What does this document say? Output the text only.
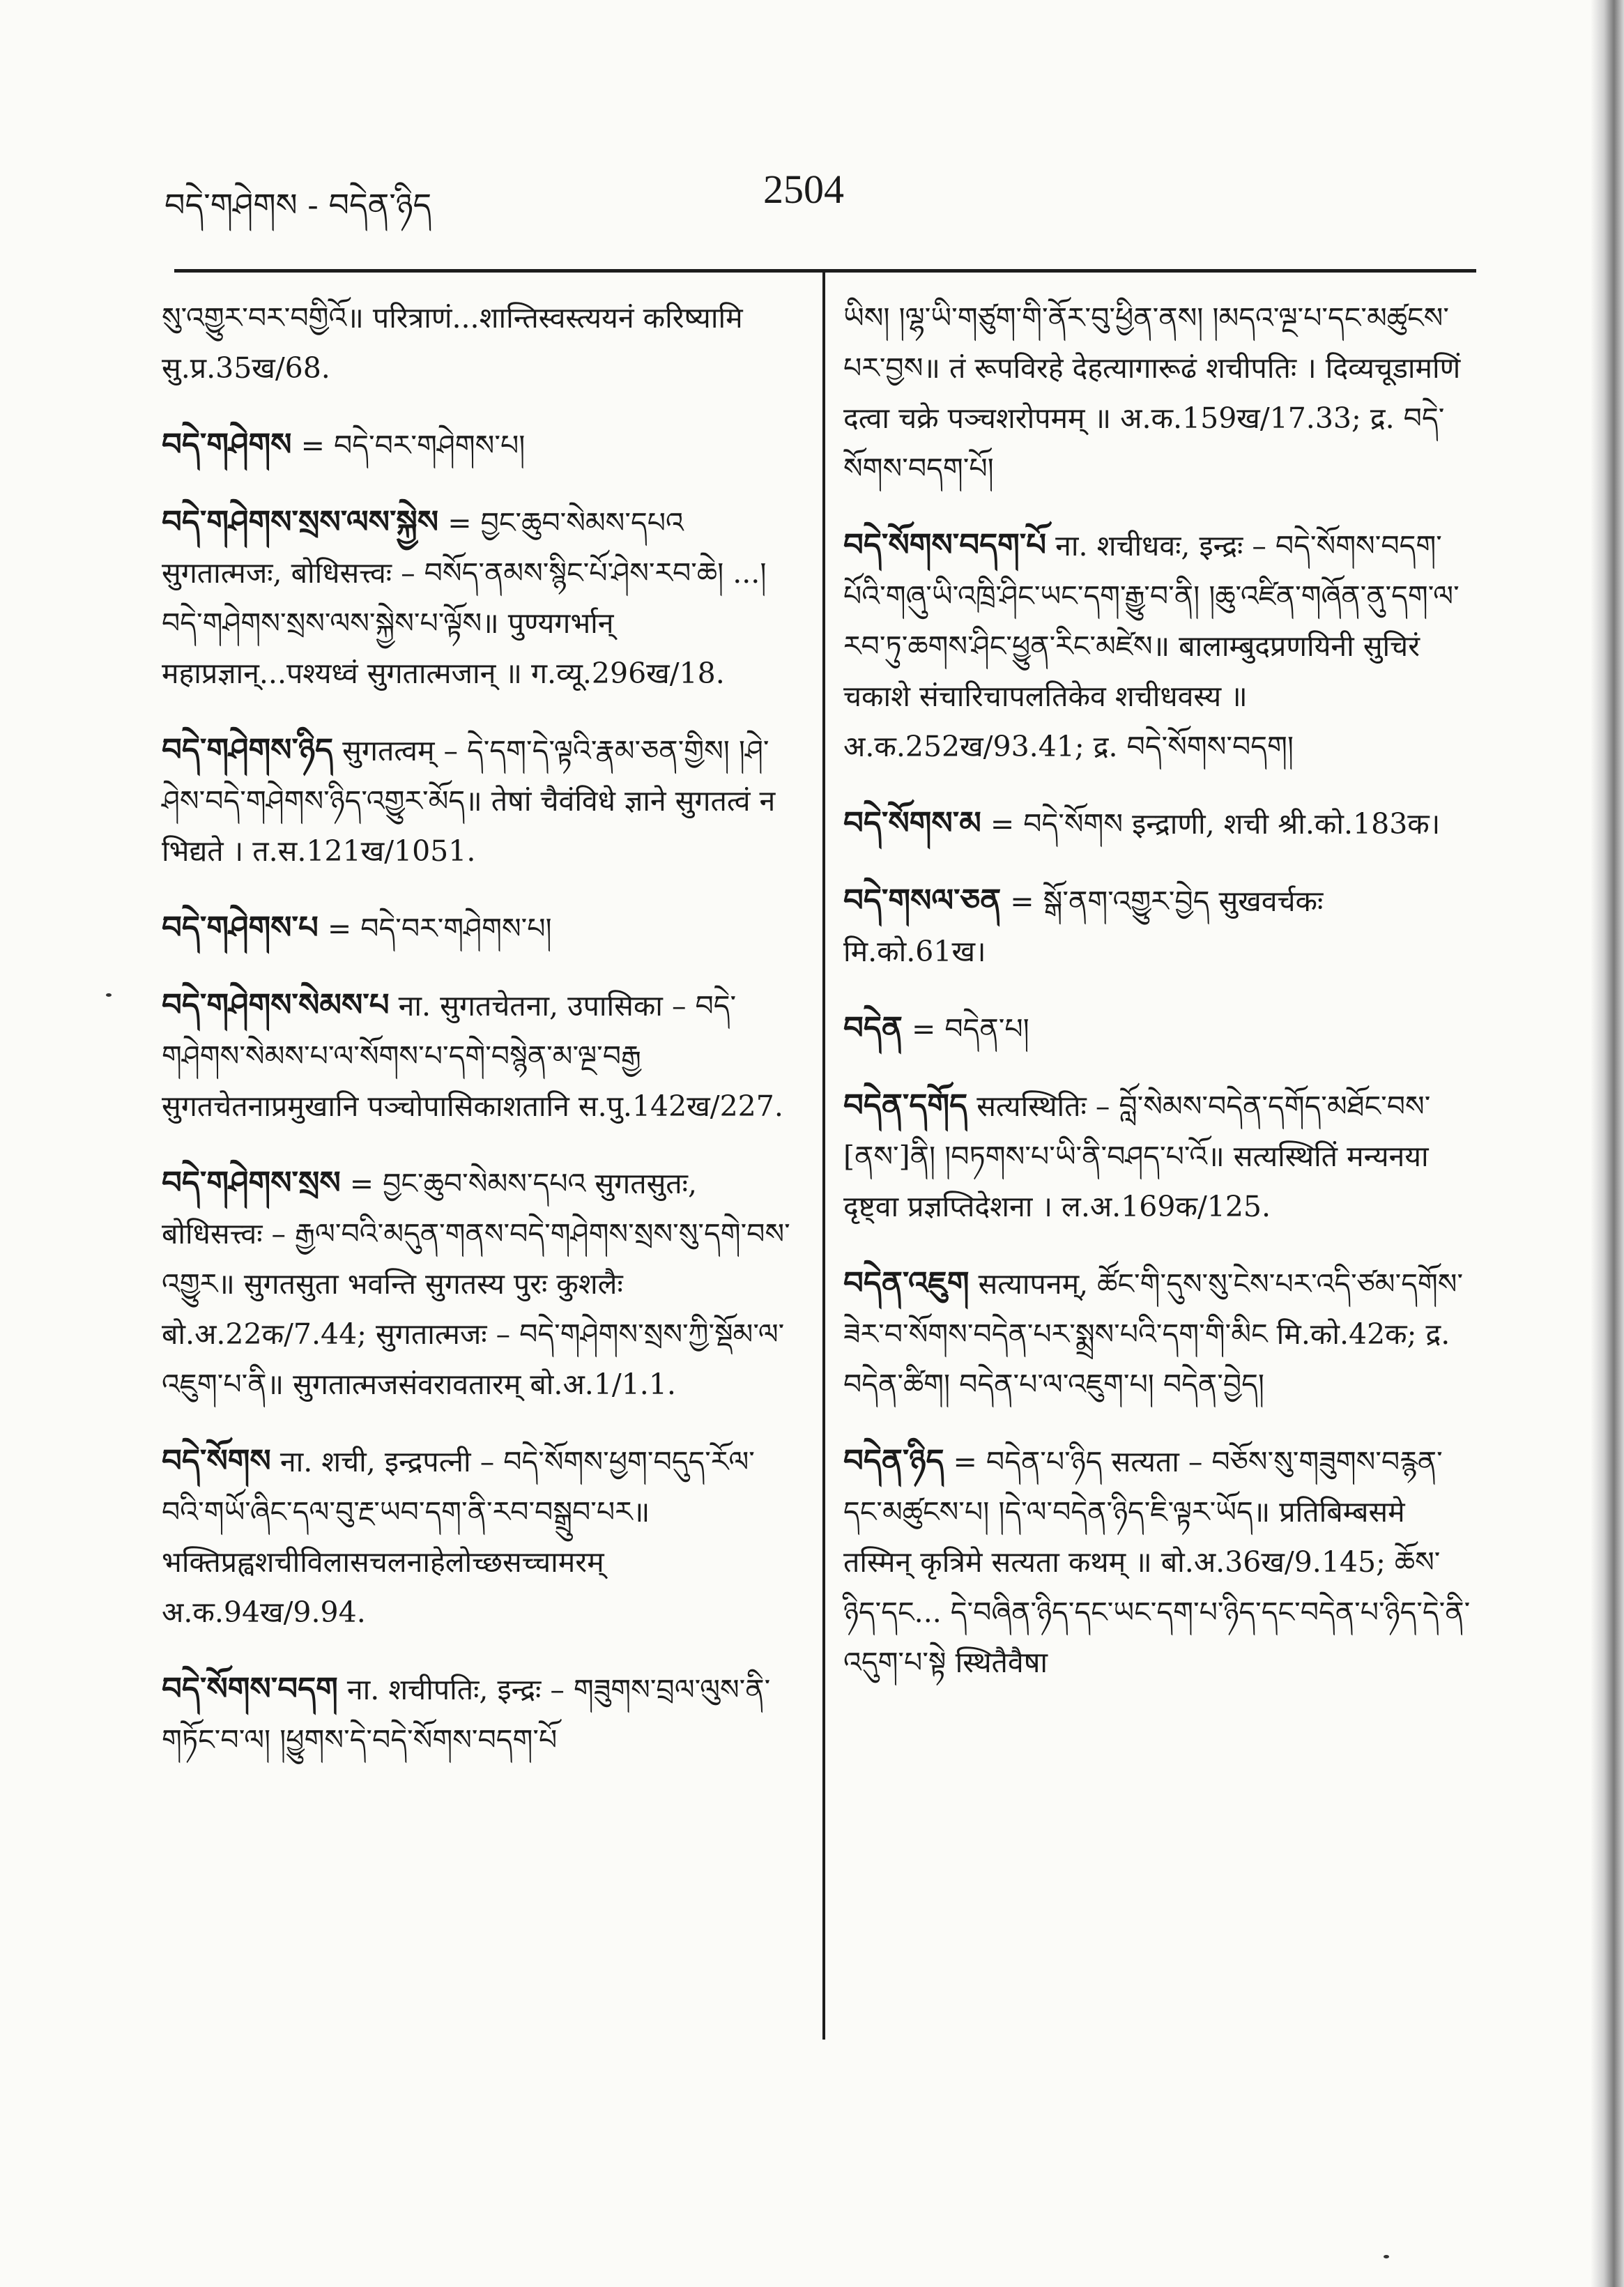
བདེ་གཤེགས - བདེན་ཉིད	2504

སུ་འགྱུར་བར་བགྱིའོ॥ परित्राणं...शान्तिस्वस्त्ययनं करिष्यामि सु.प्र.35ख/68.

བདེ་གཤེགས = བདེ་བར་གཤེགས་པ།

བདེ་གཤེགས་སྲས་ལས་སྐྱེས = བྱང་ཆུབ་སེམས་དཔའ सुगतात्मजः, बोधिसत्त्वः – བསོད་ནམས་སྙིང་པོ་ཤེས་རབ་ཆེ། ...།བདེ་གཤེགས་སྲས་ལས་སྐྱེས་པ་ལྟོས॥ पुण्यगर्भान् महाप्रज्ञान्...पश्यध्वं सुगतात्मजान् ॥ ग.व्यू.296ख/18.

བདེ་གཤེགས་ཉིད सुगतत्वम् – དེ་དག་དེ་ལྟའི་རྣམ་ཅན་གྱིས། །ཤེ་ཤེས་བདེ་གཤེགས་ཉིད་འགྱུར་མོད॥ तेषां चैवंविधे ज्ञाने सुगतत्वं न भिद्यते । त.स.121ख/1051.

བདེ་གཤེགས་པ = བདེ་བར་གཤེགས་པ།

བདེ་གཤེགས་སེམས་པ ना. सुगतचेतना, उपासिका – བདེ་གཤེགས་སེམས་པ་ལ་སོགས་པ་དགེ་བསྙེན་མ་ལྔ་བརྒྱ सुगतचेतनाप्रमुखानि पञ्चोपासिकाशतानि स.पु.142ख/227.

བདེ་གཤེགས་སྲས = བྱང་ཆུབ་སེམས་དཔའ सुगतसुतः, बोधिसत्त्वः – རྒྱལ་བའི་མདུན་གནས་བདེ་གཤེགས་སྲས་སུ་དགེ་བས་འགྱུར॥ सुगतसुता भवन्ति सुगतस्य पुरः कुशलैः बो.अ.22क/7.44; सुगतात्मजः – བདེ་གཤེགས་སྲས་ཀྱི་སྡོམ་ལ་འཇུག་པ་ནི॥ सुगतात्मजसंवरावतारम् बो.अ.1/1.1.

བདེ་སོགས ना. शची, इन्द्रपत्नी – བདེ་སོགས་ཕྱག་བདུད་རོལ་བའི་གཡོ་ཞིང་དལ་བུ་རྔ་ཡབ་དག་ནི་རབ་བསྒྲུབ་པར॥ भक्तिप्रह्वशचीविलासचलनाहेलोच्छसच्चामरम् अ.क.94ख/9.94.

བདེ་སོགས་བདག ना. शचीपतिः, इन्द्रः – གཟུགས་བྲལ་ལུས་ནི་གཏོང་བ་ལ། །ཕྱུགས་དེ་བདེ་སོགས་བདག་པོ

ཡིས། །ལྷ་ཡི་གཙུག་གི་ནོར་བུ་ཕྱིན་ནས། །མདའ་ལྔ་པ་དང་མཚུངས་པར་བྱས॥ तं रूपविरहे देहत्यागारूढं शचीपतिः । दिव्यचूडामणिं दत्वा चक्रे पञ्चशरोपमम् ॥ अ.क.159ख/17.33; द्र. བདེ་སོགས་བདག་པོ།

བདེ་སོགས་བདག་པོ ना. शचीधवः, इन्द्रः – བདེ་སོགས་བདག་པོའི་གཞུ་ཡི་འཁྲི་ཤིང་ཡང་དག་རྒྱུ་བ་ནི། །ཆུ་འཛིན་གཞོན་ནུ་དག་ལ་རབ་ཏུ་ཆགས་ཤིང་ཕྱུན་རིང་མཛེས॥ बालाम्बुदप्रणयिनी सुचिरं चकाशे संचारिचापलतिकेव शचीधवस्य ॥ अ.क.252ख/93.41; द्र. བདེ་སོགས་བདག།

བདེ་སོགས་མ = བདེ་སོགས इन्द्राणी, शची श्री.को.183क।

བདེ་གསལ་ཅན = སྒོ་ནག་འགྱུར་བྱེད सुखवर्चकः मि.को.61ख।

བདེན = བདེན་པ།

བདེན་དགོད सत्यस्थितिः – བློ་སེམས་བདེན་དགོད་མཐོང་བས་[ནས་]ནི། །བཏགས་པ་ཡི་ནི་བཤད་པ་འོ॥ सत्यस्थितिं मन्यनया दृष्ट्वा प्रज्ञप्तिदेशना । ल.अ.169क/125.

བདེན་འཇུག सत्यापनम्, ཚོང་གི་དུས་སུ་ངེས་པར་འདི་ཙམ་དགོས་ཟེར་བ་སོགས་བདེན་པར་སྨྲས་པའི་དག་གི་མིང मि.को.42क; द्र. བདེན་ཚིག། བདེན་པ་ལ་འཇུག་པ། བདེན་བྱེད།

བདེན་ཉིད = བདེན་པ་ཉིད सत्यता – བཅོས་སུ་གཟུགས་བརྙན་དང་མཚུངས་པ། །དེ་ལ་བདེན་ཉིད་ཇི་ལྟར་ཡོད॥ प्रतिबिम्बसमे तस्मिन् कृत्रिमे सत्यता कथम् ॥ बो.अ.36ख/9.145; ཆོས་ཉིད་དང... དེ་བཞིན་ཉིད་དང་ཡང་དག་པ་ཉིད་དང་བདེན་པ་ཉིད་དེ་ནི་འདུག་པ་སྟེ स्थितैवैषा
